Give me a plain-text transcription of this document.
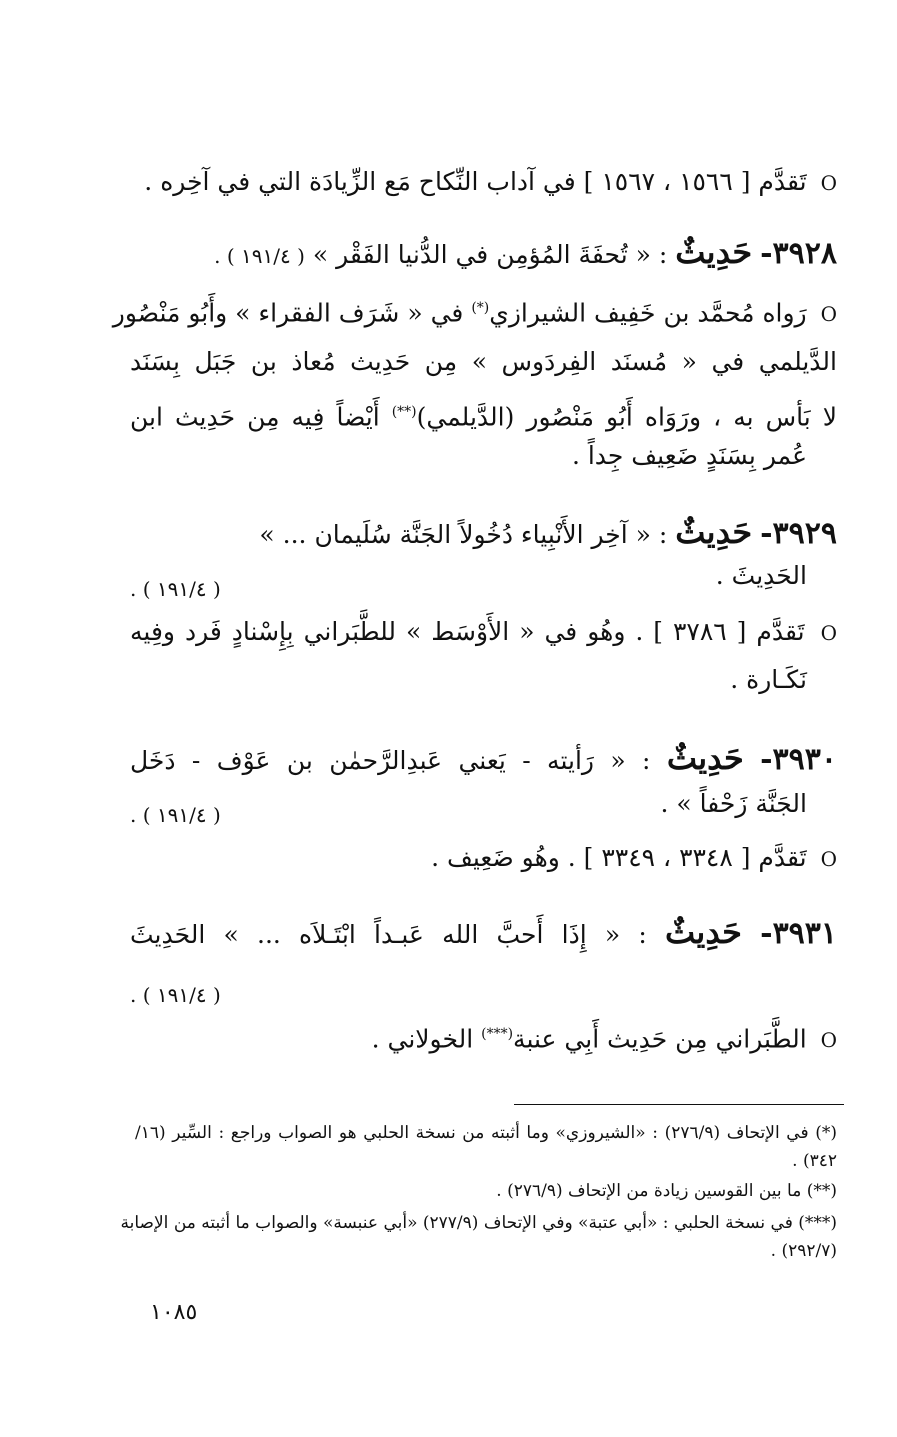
O تَقدَّم [ ١٥٦٦ ، ١٥٦٧ ] في آداب النِّكاح مَع الزِّيادَة التي في آخِره .
٣٩٢٨- حَدِيثٌ : « تُحفَةَ المُؤمِن في الدُّنيا الفَقْر » ( ١٩١/٤ ) .
O رَواه مُحمَّد بن خَفِيف الشيرازي(*) في « شَرَف الفقراء » وأَبُو مَنْصُور
الدَّيلمي في « مُسنَد الفِردَوس » مِن حَدِيث مُعاذ بن جَبَل بِسَنَد
لا بَأس به ، ورَوَاه أَبُو مَنْصُور (الدَّيلمي)(**) أَيْضاً فِيه مِن حَدِيث ابن
عُمر بِسَنَدٍ ضَعِيف جِداً .
٣٩٢٩- حَدِيثٌ : « آخِر الأَنْبِياء دُخُولاً الجَنَّة سُلَيمان ... »
الحَدِيثَ .
( ١٩١/٤ ) .
O تَقدَّم [ ٣٧٨٦ ] . وهُو في « الأَوْسَط » للطَّبَراني بِإِسْنادٍ فَرد وفِيه
نَكَـارة .
٣٩٣٠- حَدِيثٌ : « رَأيته - يَعني عَبدِالرَّحمٰن بن عَوْف - دَخَل
الجَنَّة زَحْفاً » .
( ١٩١/٤ ) .
O تَقدَّم [ ٣٣٤٨ ، ٣٣٤٩ ] . وهُو ضَعِيف .
٣٩٣١- حَدِيثٌ : « إِذَا أَحبَّ الله عَبـداً ابْتَـلاَه ... » الحَدِيثَ
( ١٩١/٤ ) .
O الطَّبَراني مِن حَدِيث أَبِي عنبة(***) الخولاني .
(*) في الإتحاف (٢٧٦/٩) : «الشيروزي» وما أثبته من نسخة الحلبي هو الصواب وراجع : السِّير (١٦/
٣٤٢) .
(**) ما بين القوسين زيادة من الإتحاف (٢٧٦/٩) .
(***) في نسخة الحلبي : «أبي عتبة» وفي الإتحاف (٢٧٧/٩) «أبي عنبسة» والصواب ما أثبته من الإصابة
(٢٩٢/٧) .
١٠٨٥
